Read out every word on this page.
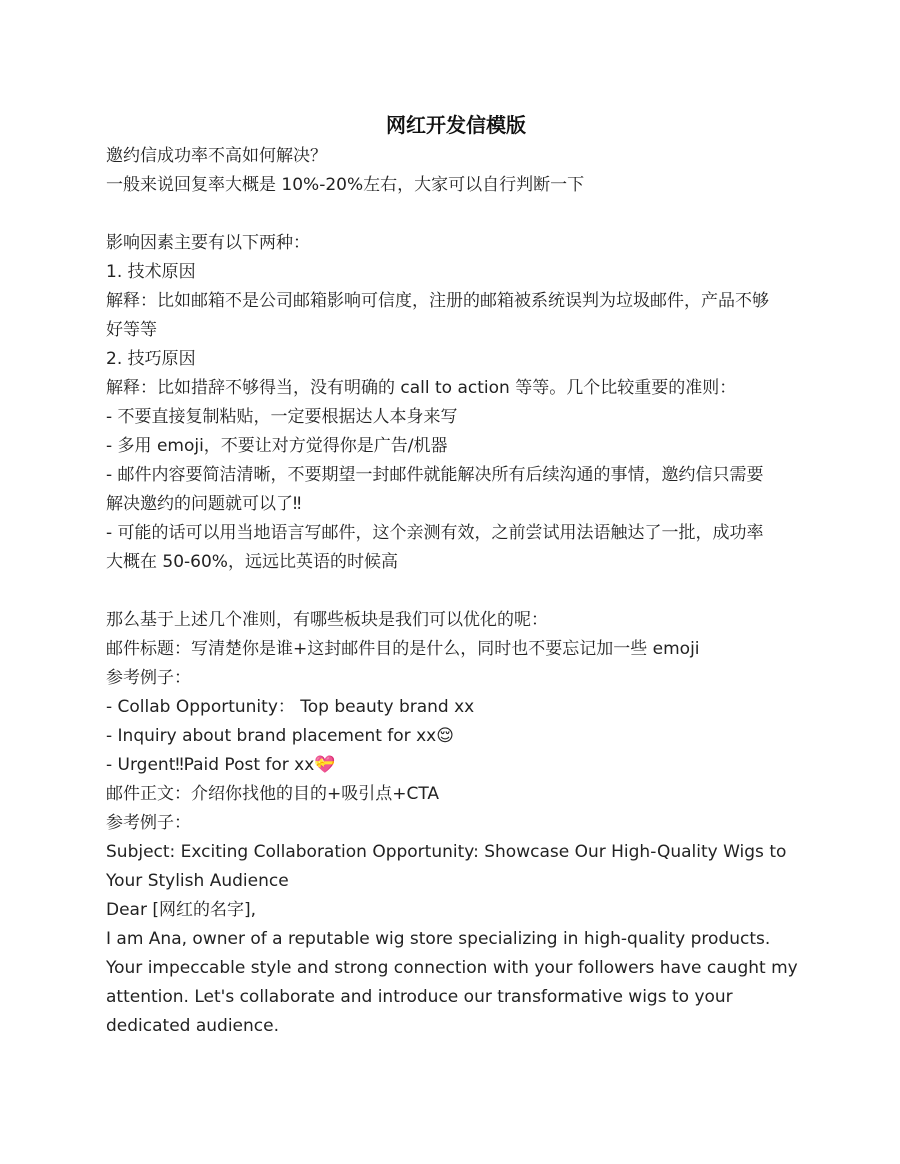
网红开发信模版

邀约信成功率不高如何解决？

一般来说回复率大概是 10%-20%左右，大家可以自行判断一下

影响因素主要有以下两种：

1. 技术原因

解释：比如邮箱不是公司邮箱影响可信度，注册的邮箱被系统误判为垃圾邮件，产品不够

好等等

2. 技巧原因

解释：比如措辞不够得当，没有明确的 call to action 等等。几个比较重要的准则：

- 不要直接复制粘贴，一定要根据达人本身来写

- 多用 emoji，不要让对方觉得你是广告/机器

- 邮件内容要简洁清晰，不要期望一封邮件就能解决所有后续沟通的事情，邀约信只需要

解决邀约的问题就可以了‼

- 可能的话可以用当地语言写邮件，这个亲测有效，之前尝试用法语触达了一批，成功率

大概在 50-60%，远远比英语的时候高

那么基于上述几个准则，有哪些板块是我们可以优化的呢：

邮件标题：写清楚你是谁+这封邮件目的是什么，同时也不要忘记加一些 emoji

参考例子：

- Collab Opportunity： Top beauty brand xx

- Inquiry about brand placement for xx😌

- Urgent‼Paid Post for xx💝

邮件正文：介绍你找他的目的+吸引点+CTA

参考例子：

Subject: Exciting Collaboration Opportunity: Showcase Our High-Quality Wigs to

Your Stylish Audience

Dear [网红的名字],

I am Ana, owner of a reputable wig store specializing in high-quality products.

Your impeccable style and strong connection with your followers have caught my

attention. Let's collaborate and introduce our transformative wigs to your

dedicated audience.
